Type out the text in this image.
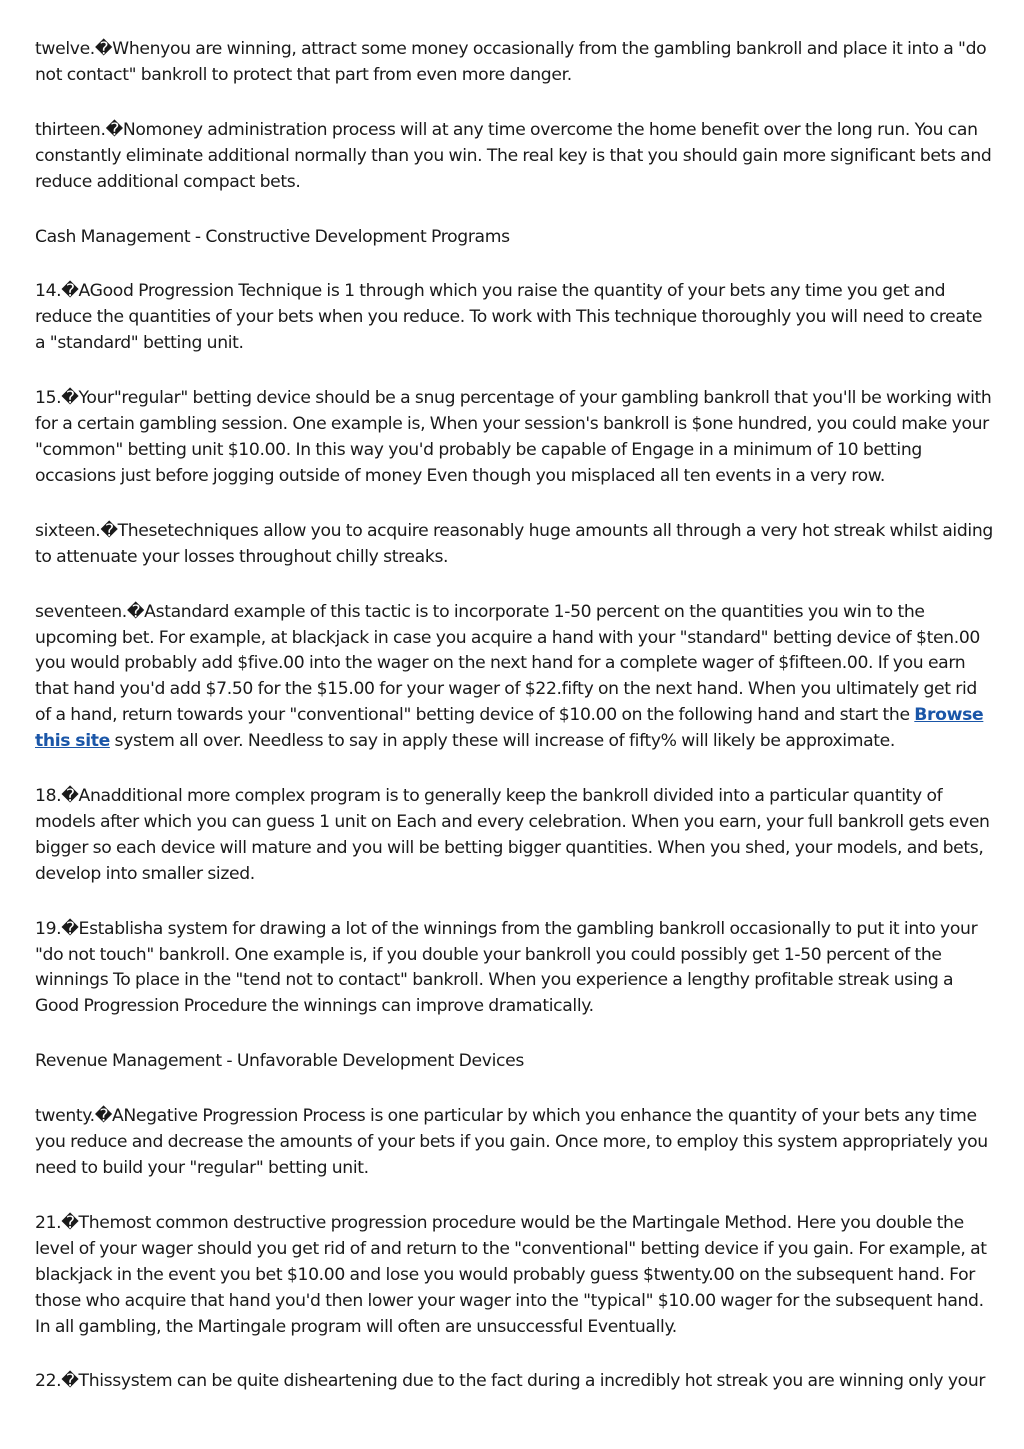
twelve.�Whenyou are winning, attract some money occasionally from the gambling bankroll and place it into a "do not contact" bankroll to protect that part from even more danger.

thirteen.�Nomoney administration process will at any time overcome the home benefit over the long run. You can constantly eliminate additional normally than you win. The real key is that you should gain more significant bets and reduce additional compact bets.

Cash Management - Constructive Development Programs

14.�AGood Progression Technique is 1 through which you raise the quantity of your bets any time you get and reduce the quantities of your bets when you reduce. To work with This technique thoroughly you will need to create a "standard" betting unit.

15.�Your"regular" betting device should be a snug percentage of your gambling bankroll that you'll be working with for a certain gambling session. One example is, When your session's bankroll is $one hundred, you could make your "common" betting unit $10.00. In this way you'd probably be capable of Engage in a minimum of 10 betting occasions just before jogging outside of money Even though you misplaced all ten events in a very row.

sixteen.�Thesetechniques allow you to acquire reasonably huge amounts all through a very hot streak whilst aiding to attenuate your losses throughout chilly streaks.

seventeen.�Astandard example of this tactic is to incorporate 1-50 percent on the quantities you win to the upcoming bet. For example, at blackjack in case you acquire a hand with your "standard" betting device of $ten.00 you would probably add $five.00 into the wager on the next hand for a complete wager of $fifteen.00. If you earn that hand you'd add $7.50 for the $15.00 for your wager of $22.fifty on the next hand. When you ultimately get rid of a hand, return towards your "conventional" betting device of $10.00 on the following hand and start the Browse this site system all over. Needless to say in apply these will increase of fifty% will likely be approximate.

18.�Anadditional more complex program is to generally keep the bankroll divided into a particular quantity of models after which you can guess 1 unit on Each and every celebration. When you earn, your full bankroll gets even bigger so each device will mature and you will be betting bigger quantities. When you shed, your models, and bets, develop into smaller sized.

19.�Establisha system for drawing a lot of the winnings from the gambling bankroll occasionally to put it into your "do not touch" bankroll. One example is, if you double your bankroll you could possibly get 1-50 percent of the winnings To place in the "tend not to contact" bankroll. When you experience a lengthy profitable streak using a Good Progression Procedure the winnings can improve dramatically.

Revenue Management - Unfavorable Development Devices

twenty.�ANegative Progression Process is one particular by which you enhance the quantity of your bets any time you reduce and decrease the amounts of your bets if you gain. Once more, to employ this system appropriately you need to build your "regular" betting unit.

21.�Themost common destructive progression procedure would be the Martingale Method. Here you double the level of your wager should you get rid of and return to the "conventional" betting device if you gain. For example, at blackjack in the event you bet $10.00 and lose you would probably guess $twenty.00 on the subsequent hand. For those who acquire that hand you'd then lower your wager into the "typical" $10.00 wager for the subsequent hand. In all gambling, the Martingale program will often are unsuccessful Eventually.

22.�Thissystem can be quite disheartening due to the fact during a incredibly hot streak you are winning only your
